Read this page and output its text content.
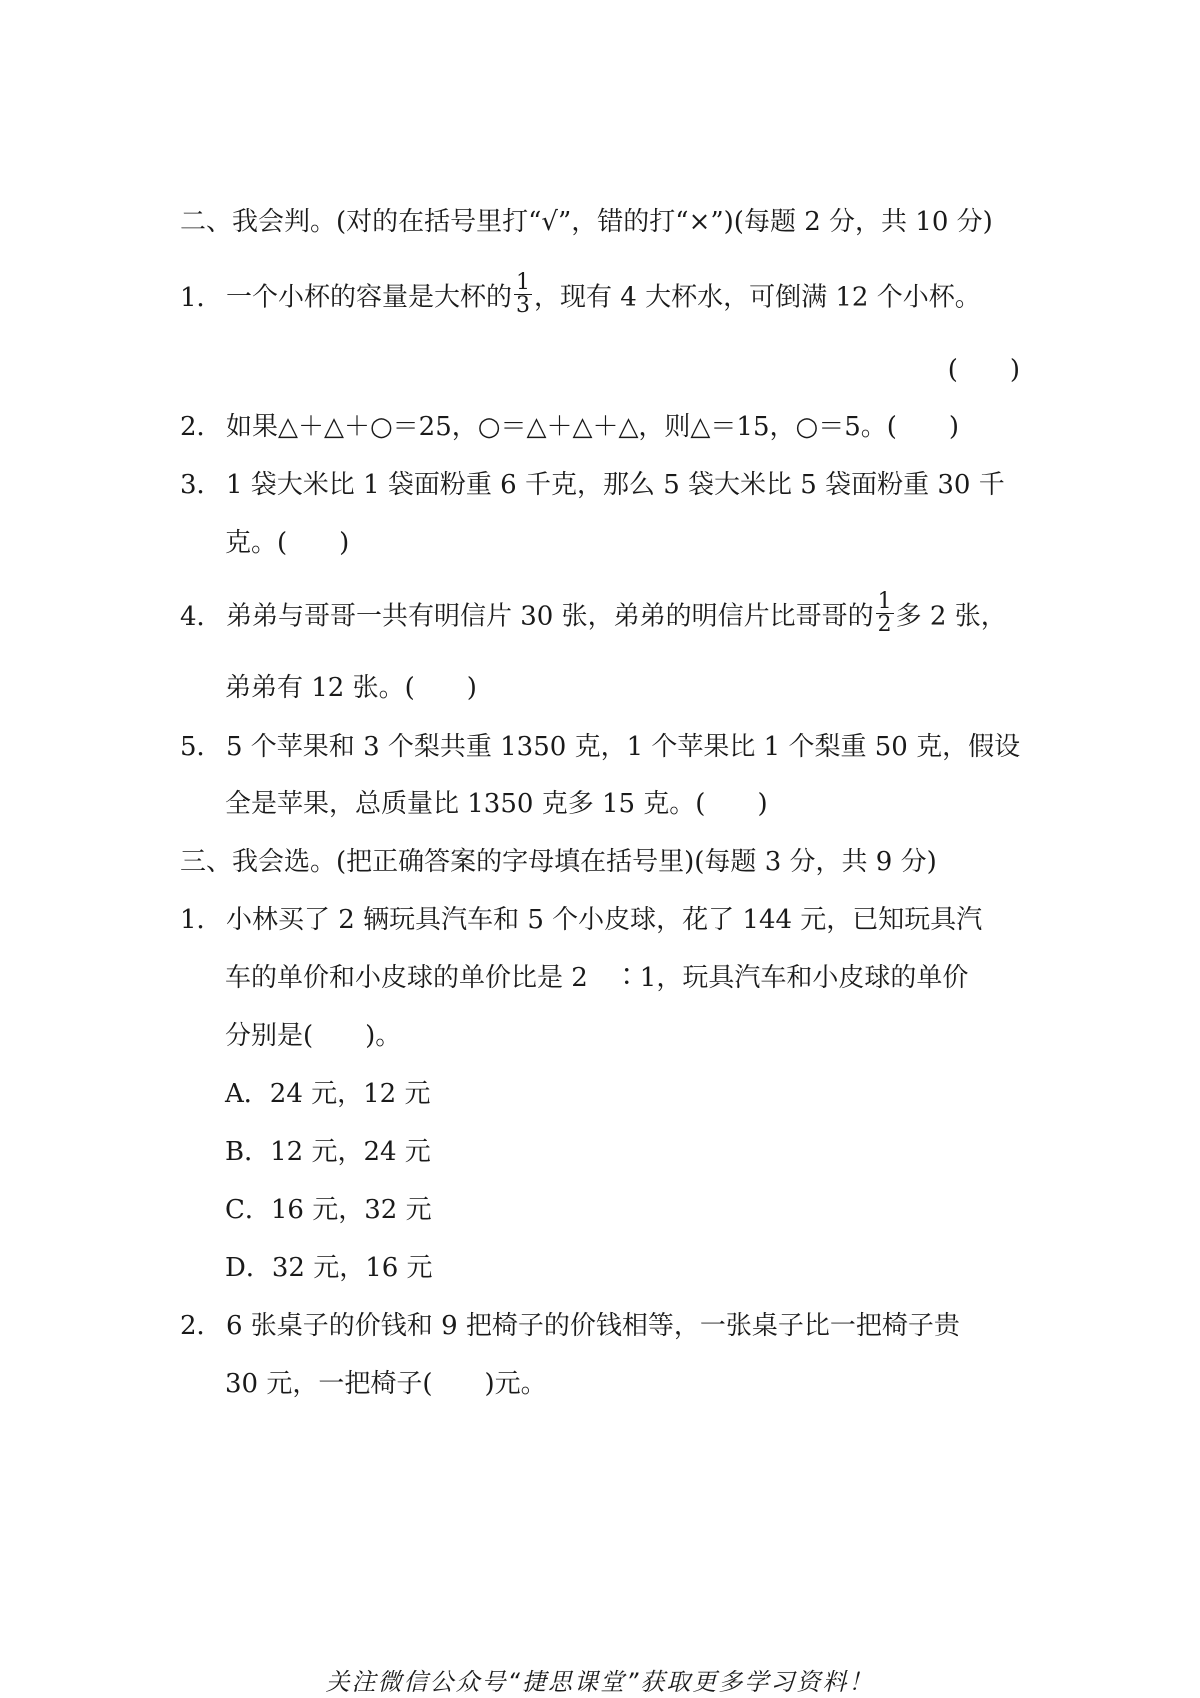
二、我会判。(对的在括号里打“√”，错的打“×”)(每题 2 分，共 10 分)
1． 一个小杯的容量是大杯的 $\frac{1}{3}$ ，现有 4 大杯水，可倒满 12 个小杯。
(　　)
2． 如果△＋△＋○＝25，○＝△＋△＋△，则△＝15，○＝5。(　　)
3． 1 袋大米比 1 袋面粉重 6 千克，那么 5 袋大米比 5 袋面粉重 30 千
克。(　　)
4． 弟弟与哥哥一共有明信片 30 张，弟弟的明信片比哥哥的 $\frac{1}{2}$ 多 2 张，
弟弟有 12 张。(　　)
5． 5 个苹果和 3 个梨共重 1350 克，1 个苹果比 1 个梨重 50 克，假设
全是苹果，总质量比 1350 克多 15 克。(　　)
三、我会选。(把正确答案的字母填在括号里)(每题 3 分，共 9 分)
1． 小林买了 2 辆玩具汽车和 5 个小皮球，花了 144 元，已知玩具汽
车的单价和小皮球的单价比是 2　∶1，玩具汽车和小皮球的单价
分别是(　　)。
A．24 元，12 元
B．12 元，24 元
C．16 元，32 元
D．32 元，16 元
2． 6 张桌子的价钱和 9 把椅子的价钱相等，一张桌子比一把椅子贵
30 元，一把椅子(　　)元。
关注微信公众号“捷思课堂”获取更多学习资料！
